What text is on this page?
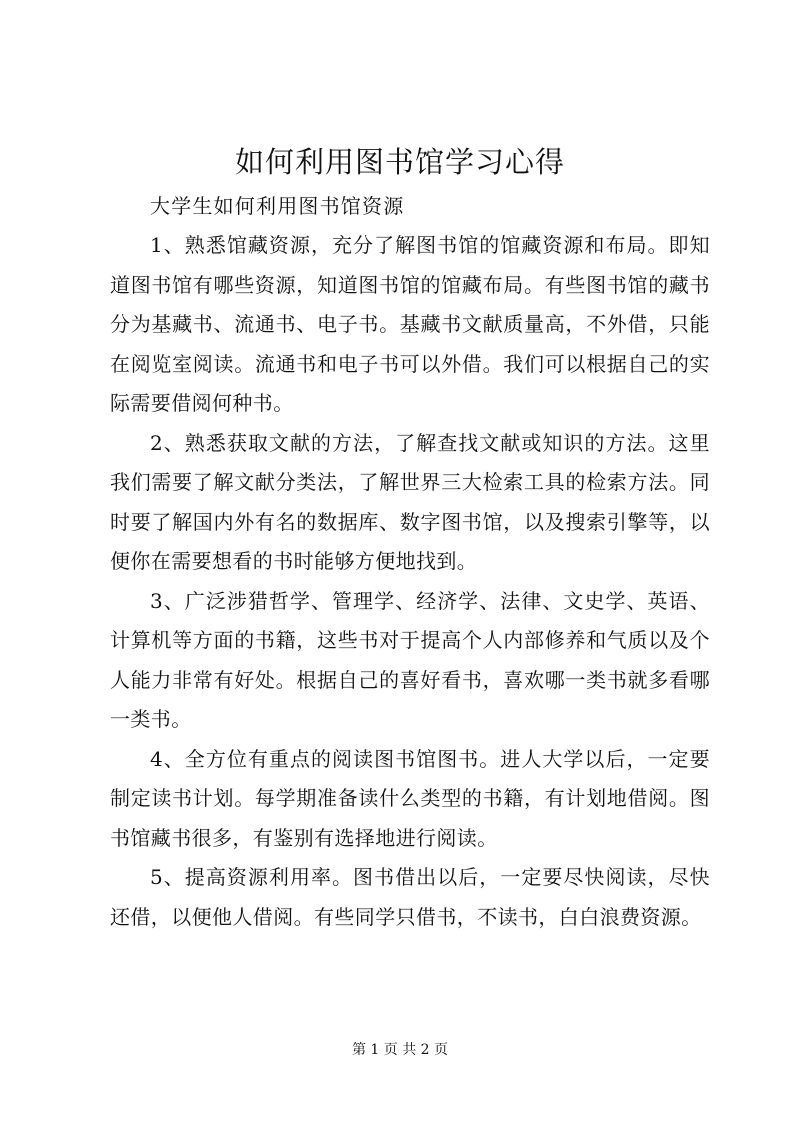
如何利用图书馆学习心得

大学生如何利用图书馆资源

1、熟悉馆藏资源，充分了解图书馆的馆藏资源和布局。即知道图书馆有哪些资源，知道图书馆的馆藏布局。有些图书馆的藏书分为基藏书、流通书、电子书。基藏书文献质量高，不外借，只能在阅览室阅读。流通书和电子书可以外借。我们可以根据自己的实际需要借阅何种书。

2、熟悉获取文献的方法，了解查找文献或知识的方法。这里我们需要了解文献分类法，了解世界三大检索工具的检索方法。同时要了解国内外有名的数据库、数字图书馆，以及搜索引擎等，以便你在需要想看的书时能够方便地找到。

3、广泛涉猎哲学、管理学、经济学、法律、文史学、英语、计算机等方面的书籍，这些书对于提高个人内部修养和气质以及个人能力非常有好处。根据自己的喜好看书，喜欢哪一类书就多看哪一类书。

4、全方位有重点的阅读图书馆图书。进人大学以后，一定要制定读书计划。每学期准备读什么类型的书籍，有计划地借阅。图书馆藏书很多，有鉴别有选择地进行阅读。

5、提高资源利用率。图书借出以后，一定要尽快阅读，尽快还借，以便他人借阅。有些同学只借书，不读书，白白浪费资源。

第 1 页 共 2 页
